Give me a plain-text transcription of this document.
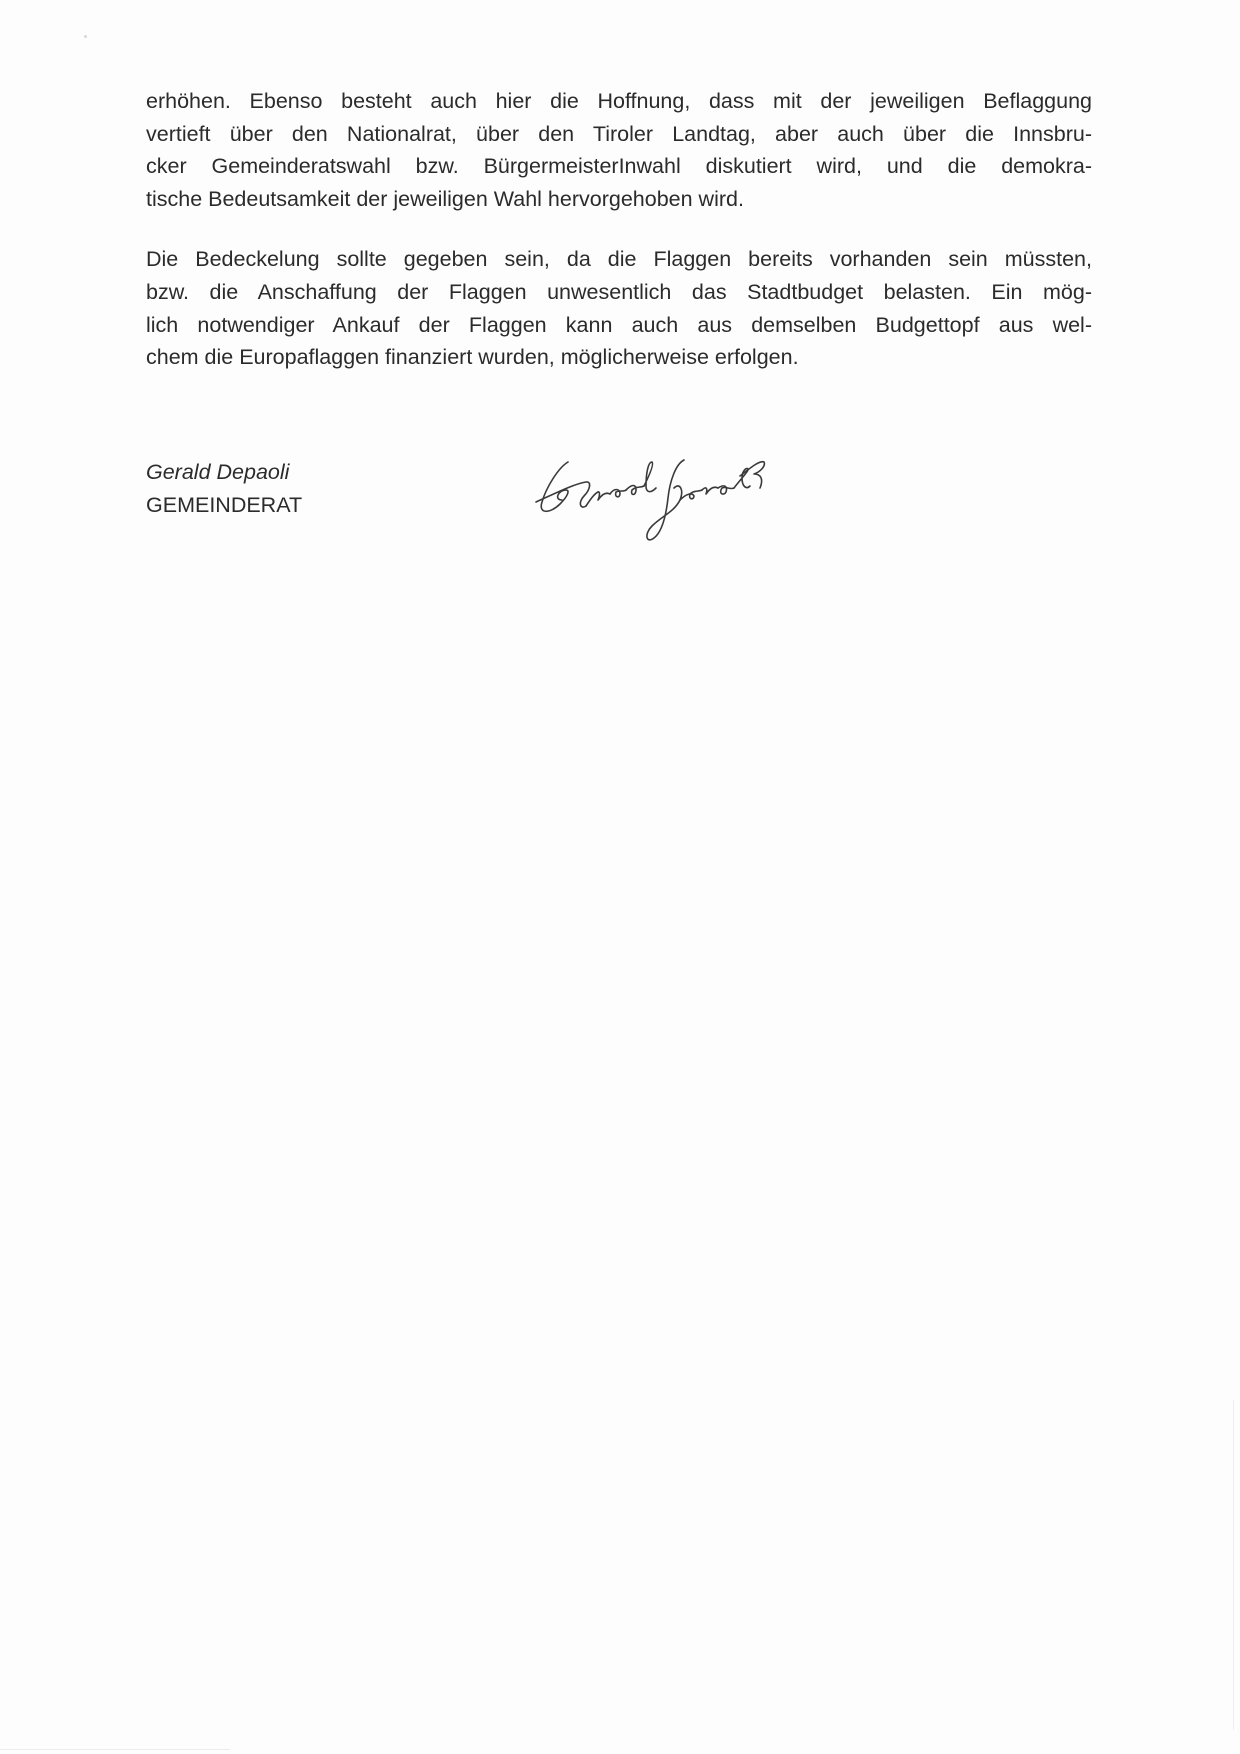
erhöhen. Ebenso besteht auch hier die Hoffnung, dass mit der jeweiligen Beflaggung
vertieft über den Nationalrat, über den Tiroler Landtag, aber auch über die Innsbru-
cker Gemeinderatswahl bzw. BürgermeisterInwahl diskutiert wird, und die demokra-
tische Bedeutsamkeit der jeweiligen Wahl hervorgehoben wird.

Die Bedeckelung sollte gegeben sein, da die Flaggen bereits vorhanden sein müssten,
bzw. die Anschaffung der Flaggen unwesentlich das Stadtbudget belasten. Ein mög-
lich notwendiger Ankauf der Flaggen kann auch aus demselben Budgettopf aus wel-
chem die Europaflaggen finanziert wurden, möglicherweise erfolgen.

Gerald Depaoli
GEMEINDERAT
